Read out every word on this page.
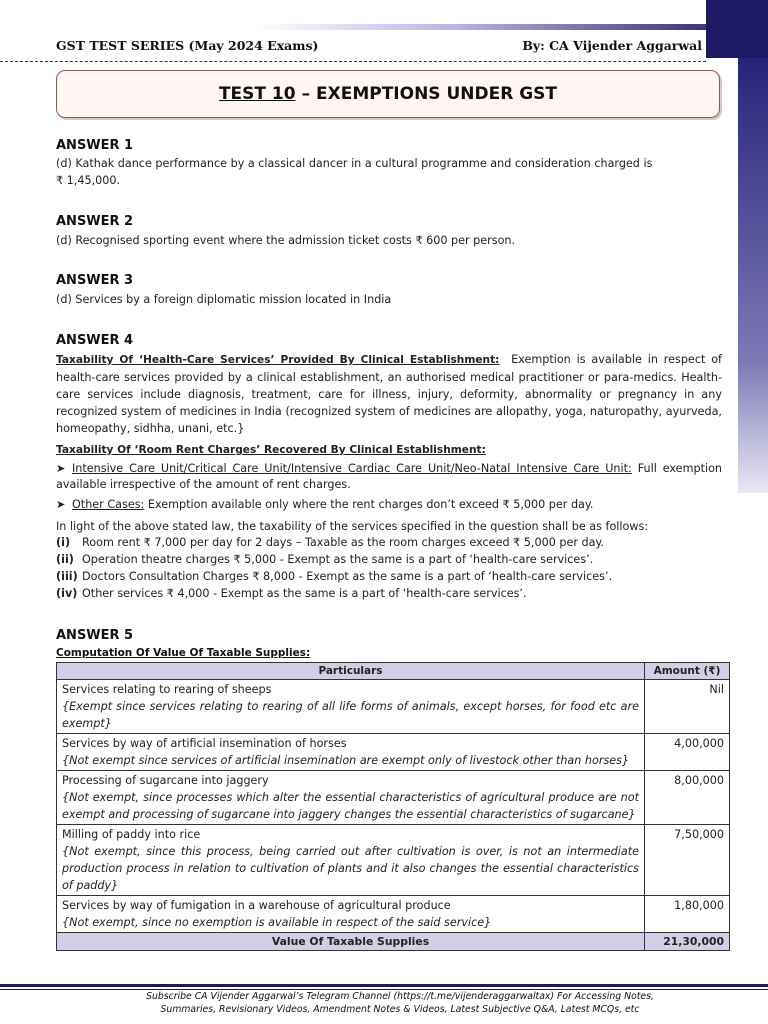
GST TEST SERIES (May 2024 Exams)	By: CA Vijender Aggarwal
TEST 10 – EXEMPTIONS UNDER GST
ANSWER 1
(d) Kathak dance performance by a classical dancer in a cultural programme and consideration charged is
₹ 1,45,000.
ANSWER 2
(d) Recognised sporting event where the admission ticket costs ₹ 600 per person.
ANSWER 3
(d) Services by a foreign diplomatic mission located in India
ANSWER 4
Taxability Of ‘Health-Care Services’ Provided By Clinical Establishment: Exemption is available in respect of health-care services provided by a clinical establishment, an authorised medical practitioner or para-medics. Health-care services include diagnosis, treatment, care for illness, injury, deformity, abnormality or pregnancy in any recognized system of medicines in India (recognized system of medicines are allopathy, yoga, naturopathy, ayurveda, homeopathy, sidhha, unani, etc.}
Taxability Of ‘Room Rent Charges’ Recovered By Clinical Establishment:
➤ Intensive Care Unit/Critical Care Unit/Intensive Cardiac Care Unit/Neo-Natal Intensive Care Unit: Full exemption available irrespective of the amount of rent charges.
➤ Other Cases: Exemption available only where the rent charges don’t exceed ₹ 5,000 per day.
In light of the above stated law, the taxability of the services specified in the question shall be as follows:
(i) Room rent ₹ 7,000 per day for 2 days – Taxable as the room charges exceed ₹ 5,000 per day.
(ii) Operation theatre charges ₹ 5,000 - Exempt as the same is a part of ‘health-care services’.
(iii) Doctors Consultation Charges ₹ 8,000 - Exempt as the same is a part of ‘health-care services’.
(iv) Other services ₹ 4,000 - Exempt as the same is a part of ‘health-care services’.
ANSWER 5
Computation Of Value Of Taxable Supplies:
Particulars	Amount (₹)
Services relating to rearing of sheeps
{Exempt since services relating to rearing of all life forms of animals, except horses, for food etc are exempt}	Nil
Services by way of artificial insemination of horses
{Not exempt since services of artificial insemination are exempt only of livestock other than horses}	4,00,000
Processing of sugarcane into jaggery
{Not exempt, since processes which alter the essential characteristics of agricultural produce are not exempt and processing of sugarcane into jaggery changes the essential characteristics of sugarcane}	8,00,000
Milling of paddy into rice
{Not exempt, since this process, being carried out after cultivation is over, is not an intermediate production process in relation to cultivation of plants and it also changes the essential characteristics of paddy}	7,50,000
Services by way of fumigation in a warehouse of agricultural produce
{Not exempt, since no exemption is available in respect of the said service}	1,80,000
Value Of Taxable Supplies	21,30,000
Subscribe CA Vijender Aggarwal’s Telegram Channel (https://t.me/vijenderaggarwaltax) For Accessing Notes,
Summaries, Revisionary Videos, Amendment Notes & Videos, Latest Subjective Q&A, Latest MCQs, etc
